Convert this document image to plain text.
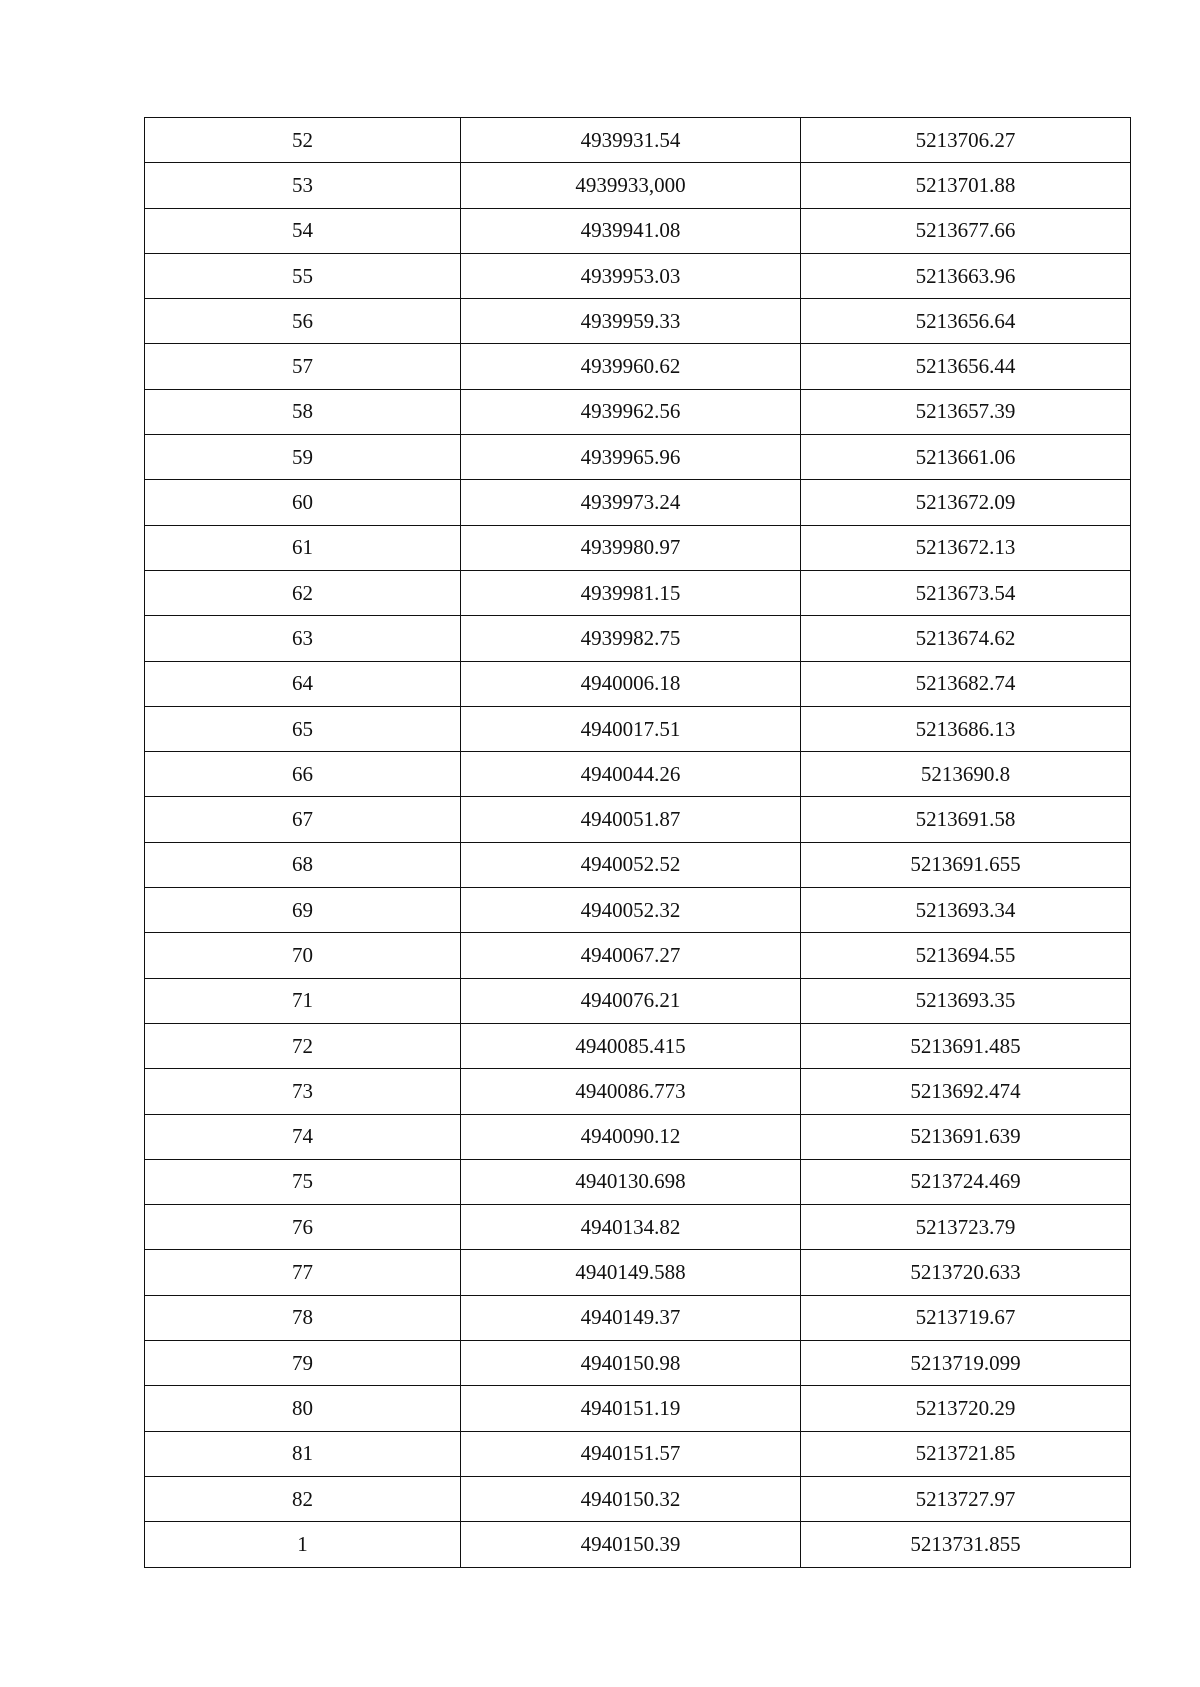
52	4939931.54	5213706.27
53	4939933,000	5213701.88
54	4939941.08	5213677.66
55	4939953.03	5213663.96
56	4939959.33	5213656.64
57	4939960.62	5213656.44
58	4939962.56	5213657.39
59	4939965.96	5213661.06
60	4939973.24	5213672.09
61	4939980.97	5213672.13
62	4939981.15	5213673.54
63	4939982.75	5213674.62
64	4940006.18	5213682.74
65	4940017.51	5213686.13
66	4940044.26	5213690.8
67	4940051.87	5213691.58
68	4940052.52	5213691.655
69	4940052.32	5213693.34
70	4940067.27	5213694.55
71	4940076.21	5213693.35
72	4940085.415	5213691.485
73	4940086.773	5213692.474
74	4940090.12	5213691.639
75	4940130.698	5213724.469
76	4940134.82	5213723.79
77	4940149.588	5213720.633
78	4940149.37	5213719.67
79	4940150.98	5213719.099
80	4940151.19	5213720.29
81	4940151.57	5213721.85
82	4940150.32	5213727.97
1	4940150.39	5213731.855
